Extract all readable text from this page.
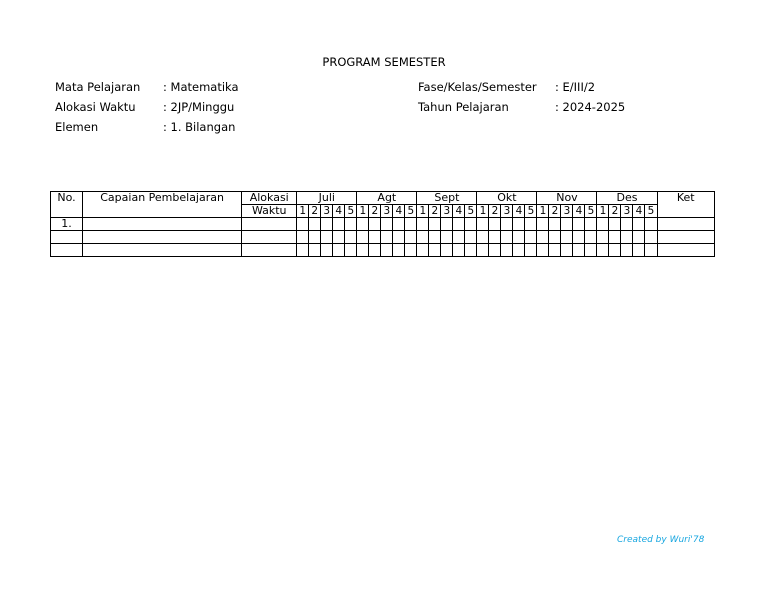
PROGRAM SEMESTER
Mata Pelajaran	: Matematika
Alokasi Waktu	: 2JP/Minggu
Elemen	: 1. Bilangan
Fase/Kelas/Semester	: E/III/2
Tahun Pelajaran	: 2024-2025
No.	Capaian Pembelajaran	Alokasi	Juli					Agt					Sept					Okt					Nov					Des					Ket
		Waktu	1	2	3	4	5	1	2	3	4	5	1	2	3	4	5	1	2	3	4	5	1	2	3	4	5	1	2	3	4	5	
1.																																	

Created by Wuri'78
